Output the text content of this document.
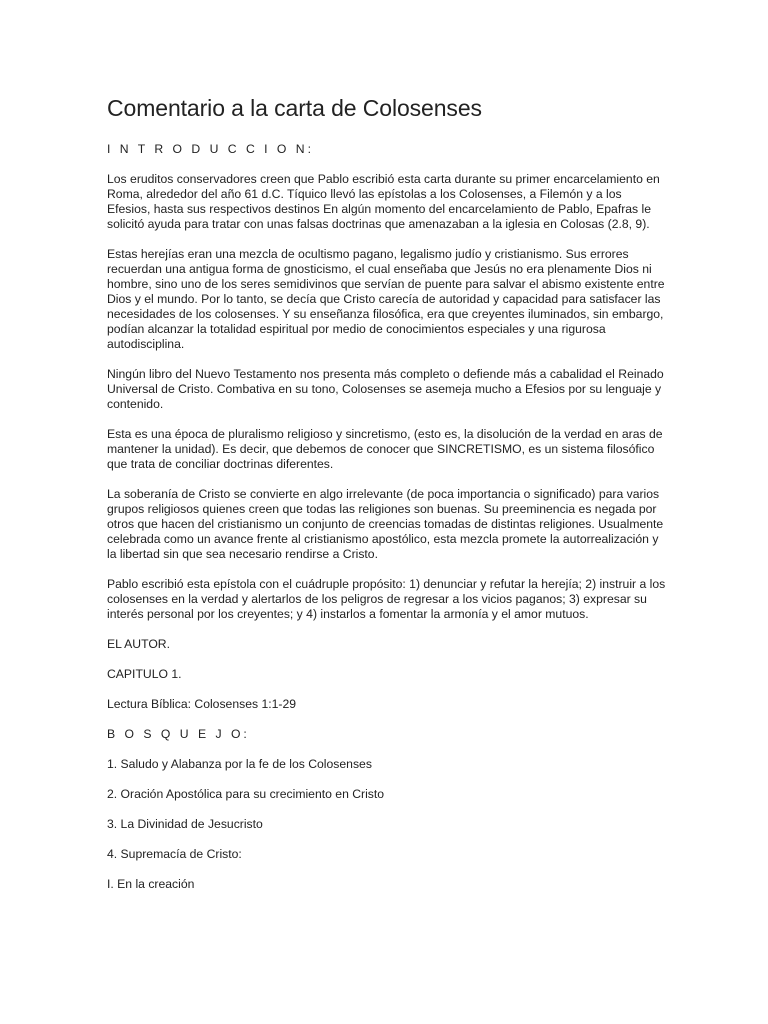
Comentario a la carta de Colosenses

I N T R O D U C C I O N:

Los eruditos conservadores creen que Pablo escribió esta carta durante su primer encarcelamiento en Roma, alrededor del año 61 d.C. Tíquico llevó las epístolas a los Colosenses, a Filemón y a los Efesios, hasta sus respectivos destinos En algún momento del encarcelamiento de Pablo, Epafras le solicitó ayuda para tratar con unas falsas doctrinas que amenazaban a la iglesia en Colosas (2.8, 9).

Estas herejías eran una mezcla de ocultismo pagano, legalismo judío y cristianismo. Sus errores recuerdan una antigua forma de gnosticismo, el cual enseñaba que Jesús no era plenamente Dios ni hombre, sino uno de los seres semidivinos que servían de puente para salvar el abismo existente entre Dios y el mundo. Por lo tanto, se decía que Cristo carecía de autoridad y capacidad para satisfacer las necesidades de los colosenses. Y su enseñanza filosófica, era que creyentes iluminados, sin embargo, podían alcanzar la totalidad espiritual por medio de conocimientos especiales y una rigurosa autodisciplina.

Ningún libro del Nuevo Testamento nos presenta más completo o defiende más a cabalidad el Reinado Universal de Cristo. Combativa en su tono, Colosenses se asemeja mucho a Efesios por su lenguaje y contenido.

Esta es una época de pluralismo religioso y sincretismo, (esto es, la disolución de la verdad en aras de mantener la unidad). Es decir, que debemos de conocer que SINCRETISMO, es un sistema filosófico que trata de conciliar doctrinas diferentes.

La soberanía de Cristo se convierte en algo irrelevante (de poca importancia o significado) para varios grupos religiosos quienes creen que todas las religiones son buenas. Su preeminencia es negada por otros que hacen del cristianismo un conjunto de creencias tomadas de distintas religiones. Usualmente celebrada como un avance frente al cristianismo apostólico, esta mezcla promete la autorrealización y la libertad sin que sea necesario rendirse a Cristo.

Pablo escribió esta epístola con el cuádruple propósito: 1) denunciar y refutar la herejía; 2) instruir a los colosenses en la verdad y alertarlos de los peligros de regresar a los vicios paganos; 3) expresar su interés personal por los creyentes; y 4) instarlos a fomentar la armonía y el amor mutuos.

EL AUTOR.

CAPITULO 1.

Lectura Bíblica: Colosenses 1:1-29

B O S Q U E J O:

1. Saludo y Alabanza por la fe de los Colosenses

2. Oración Apostólica para su crecimiento en Cristo

3. La Divinidad de Jesucristo

4. Supremacía de Cristo:

I. En la creación
